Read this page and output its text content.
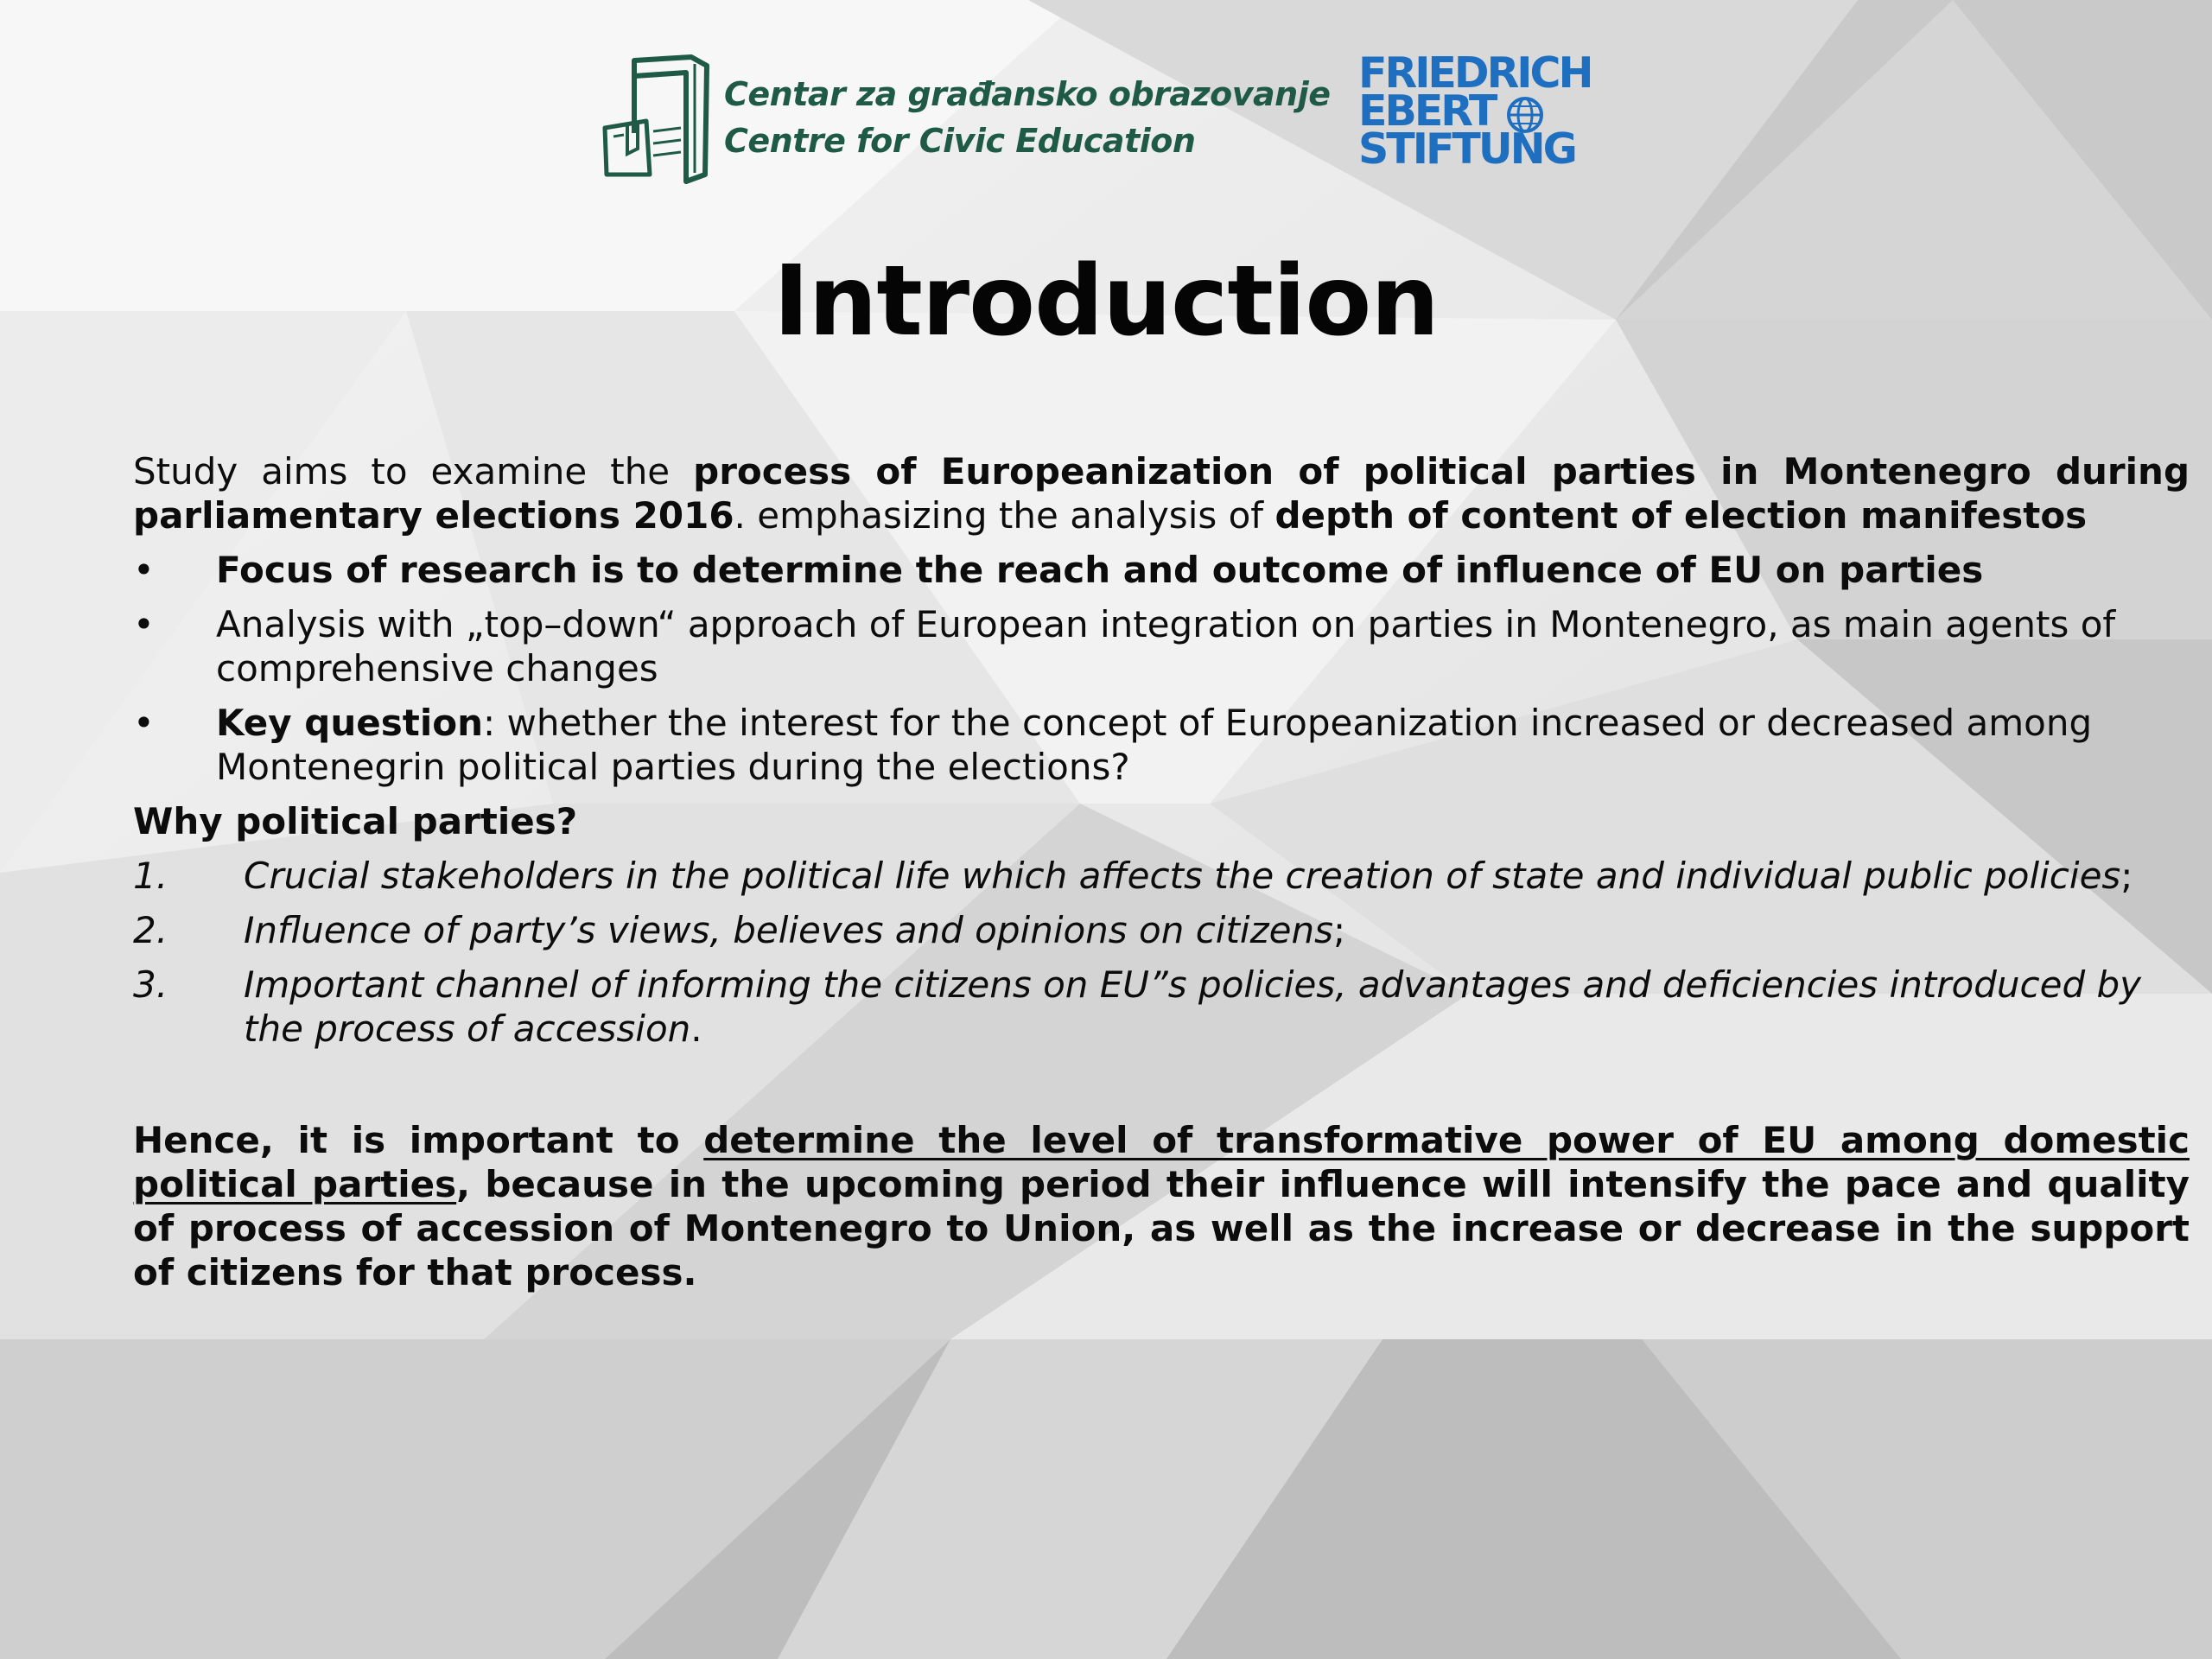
Centar za građansko obrazovanje
Centre for Civic Education
FRIEDRICH
EBERT
STIFTUNG
Introduction

Study aims to examine the process of Europeanization of political parties in Montenegro during parliamentary elections 2016. emphasizing the analysis of depth of content of election manifestos

• Focus of research is to determine the reach and outcome of influence of EU on parties
• Analysis with „top–down“ approach of European integration on parties in Montenegro, as main agents of comprehensive changes
• Key question: whether the interest for the concept of Europeanization increased or decreased among Montenegrin political parties during the elections?
Why political parties?
1. Crucial stakeholders in the political life which affects the creation of state and individual public policies;
2. Influence of party’s views, believes and opinions on citizens;
3. Important channel of informing the citizens on EU”s policies, advantages and deficiencies introduced by the process of accession.

Hence, it is important to determine the level of transformative power of EU among domestic political parties, because in the upcoming period their influence will intensify the pace and quality of process of accession of Montenegro to Union, as well as the increase or decrease in the support of citizens for that process.
